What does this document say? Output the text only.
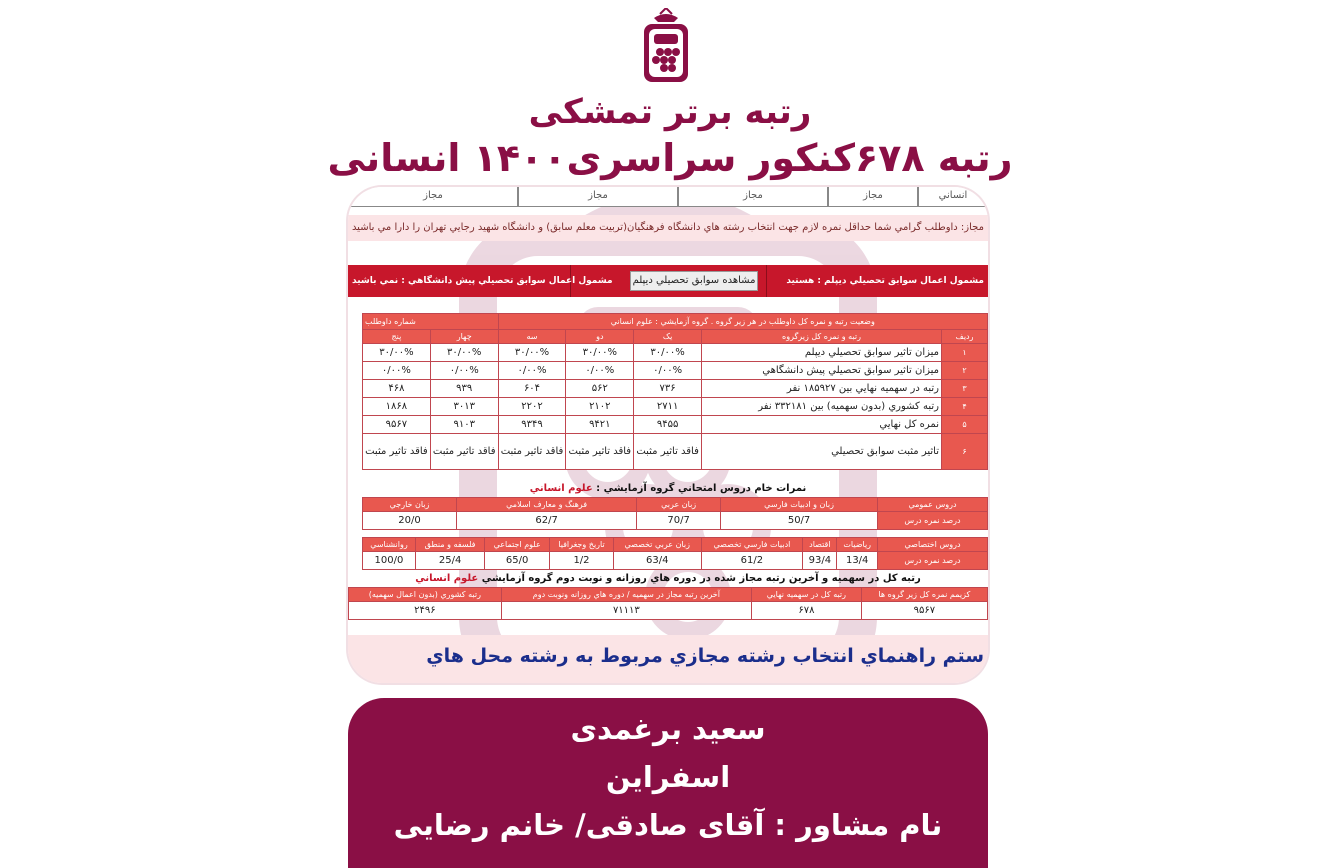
رتبه برتر تمشکی
رتبه ۶۷۸کنکور سراسری۱۴۰۰ انسانی
انساني
مجاز
مجاز
مجاز
مجاز
مجاز: داوطلب گرامي شما حداقل نمره لازم جهت انتخاب رشته هاي دانشگاه فرهنگيان(تربيت معلم سابق) و دانشگاه شهيد رجايي تهران را دارا مي باشيد
مشمول اعمال سوابق تحصيلي ديپلم : هستيد
مشاهده سوابق تحصيلي ديپلم
مشمول اعمال سوابق تحصيلي پيش دانشگاهي : نمي باشيد
وضعيت رتبه و نمره كل داوطلب در هر زير گروه . گروه آزمايشي : علوم انساني					شماره داوطلب	
رديف	رتبه و نمره كل زيرگروه	يک	دو	سه	چهار	پنج
۱	ميزان تاثير سوابق تحصيلي ديپلم	۳۰/۰۰%	۳۰/۰۰%	۳۰/۰۰%	۳۰/۰۰%	۳۰/۰۰%
۲	ميزان تاثير سوابق تحصيلي پيش دانشگاهي	۰/۰۰%	۰/۰۰%	۰/۰۰%	۰/۰۰%	۰/۰۰%
۳	رتبه در سهميه نهايي بين ۱۸۵۹۲۷ نفر	۷۳۶	۵۶۲	۶۰۴	۹۳۹	۴۶۸
۴	رتبه كشوري (بدون سهميه) بين ۳۳۲۱۸۱ نفر	۲۷۱۱	۲۱۰۲	۲۲۰۲	۳۰۱۳	۱۸۶۸
۵	نمره كل نهايي	۹۴۵۵	۹۴۲۱	۹۳۴۹	۹۱۰۳	۹۵۶۷
۶	تاثير مثبت سوابق تحصيلي	فاقد تاثير مثبت	فاقد تاثير مثبت	فاقد تاثير مثبت	فاقد تاثير مثبت	فاقد تاثير مثبت
نمرات خام دروس امتحاني گروه آزمايشي : علوم انساني
دروس عمومي	زبان و ادبيات فارسي	زبان عربي	فرهنگ و معارف اسلامي	زبان خارجي
درصد نمره درس	50/7	70/7	62/7	20/0
دروس اختصاصي	رياضيات	اقتصاد	ادبيات فارسي تخصصي	زبان عربي تخصصي	تاريخ وجغرافيا	علوم اجتماعي	فلسفه و منطق	روانشناسي
درصد نمره درس	13/4	93/4	61/2	63/4	1/2	65/0	25/4	100/0
رتبه كل در سهميه و آخرين رتبه مجاز شده در دوره هاي روزانه و نوبت دوم گروه آزمايشي علوم انساني
كزيمم نمره كل زير گروه ها	رتبه كل در سهميه نهايي	آخرين رتبه مجاز در سهميه / دوره هاي روزانه ونوبت دوم	رتبه كشوري (بدون اعمال سهميه)
۹۵۶۷	۶۷۸	۷۱۱۱۳	۲۴۹۶
ستم راهنماي انتخاب رشته مجازي مربوط به رشته محل هاي
سعید برغمدی
اسفراین
نام مشاور : آقای صادقی/ خانم رضایی
